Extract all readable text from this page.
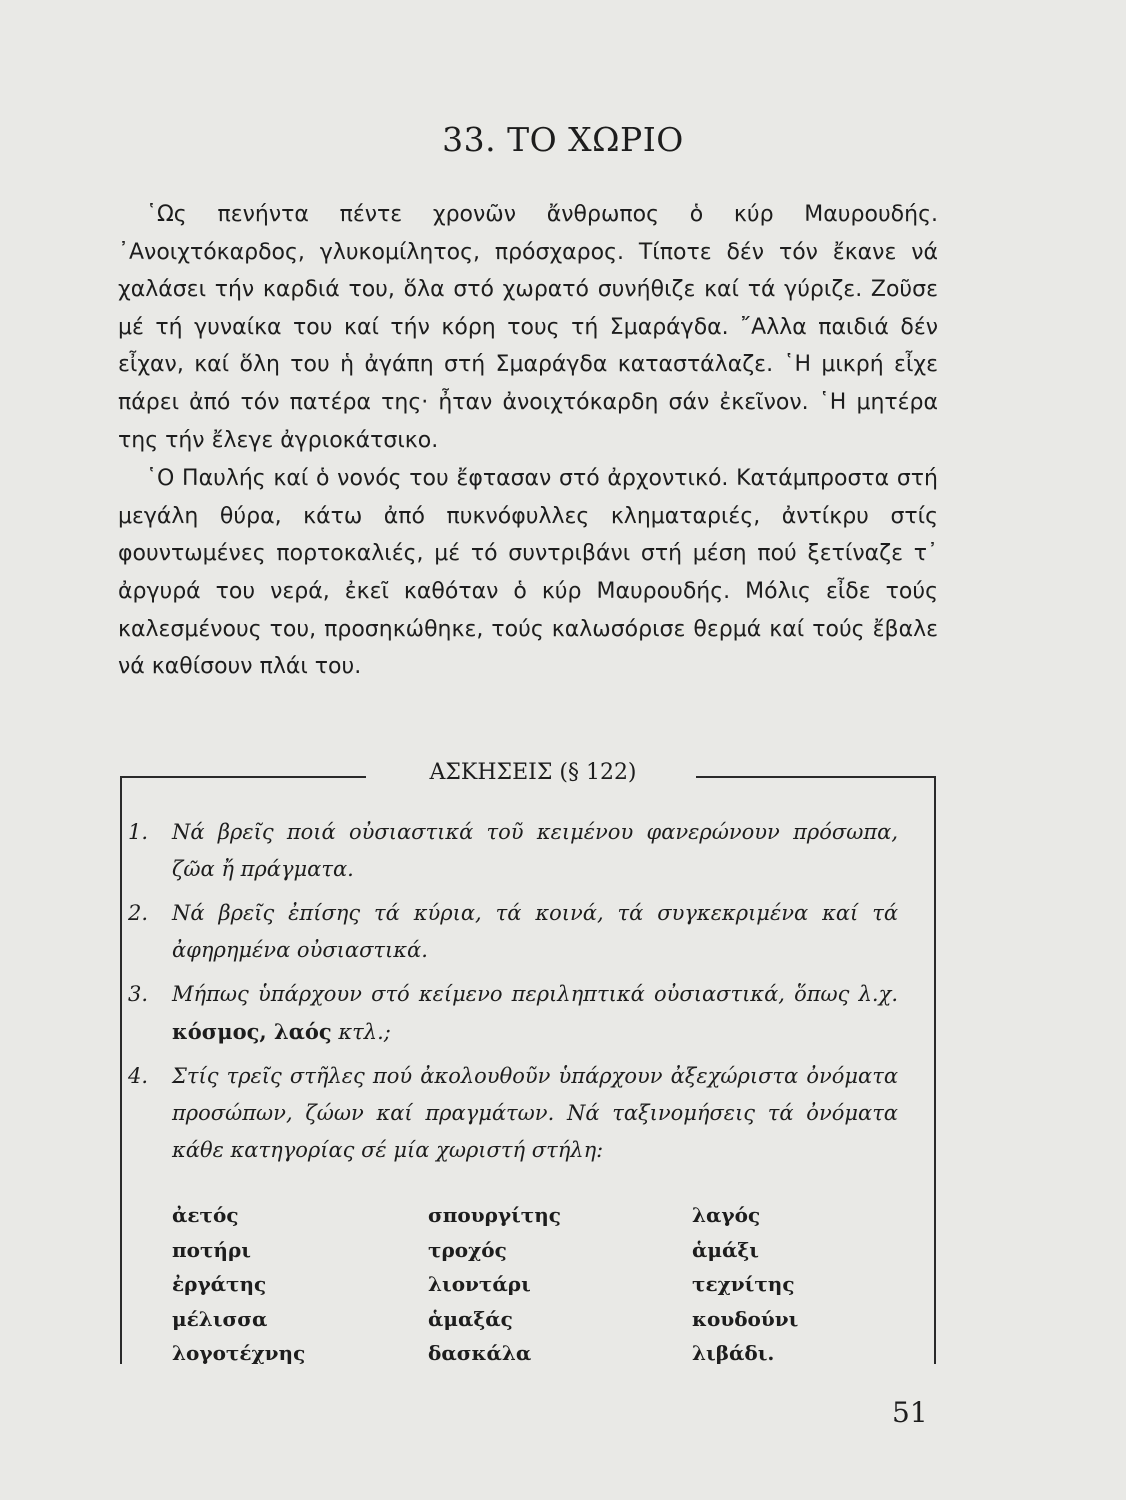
33. ΤΟ ΧΩΡΙΟ

῾Ως πενήντα πέντε χρονῶν ἄνθρωπος ὁ κύρ Μαυρουδής. ᾿Ανοιχτόκαρδος, γλυκομίλητος, πρόσχαρος. Τίποτε δέν τόν ἔκανε νά χαλάσει τήν καρδιά του, ὅλα στό χωρατό συνήθιζε καί τά γύριζε. Ζοῦσε μέ τή γυναίκα του καί τήν κόρη τους τή Σμαράγδα. ῎Αλλα παιδιά δέν εἶχαν, καί ὅλη του ἡ ἀγάπη στή Σμαράγδα καταστάλαζε. ῾Η μικρή εἶχε πάρει ἀπό τόν πατέρα της· ἦταν ἀνοιχτόκαρδη σάν ἐκεῖνον. ῾Η μητέρα της τήν ἔλεγε ἀγριοκάτσικο.

῾Ο Παυλής καί ὁ νονός του ἔφτασαν στό ἀρχοντικό. Κατάμπροστα στή μεγάλη θύρα, κάτω ἀπό πυκνόφυλλες κληματαριές, ἀντίκρυ στίς φουντωμένες πορτοκαλιές, μέ τό συντριβάνι στή μέση πού ξετίναζε τ᾿ ἀργυρά του νερά, ἐκεῖ καθόταν ὁ κύρ Μαυρουδής. Μόλις εἶδε τούς καλεσμένους του, προσηκώθηκε, τούς καλωσόρισε θερμά καί τούς ἔβαλε νά καθίσουν πλάι του.

ΑΣΚΗΣΕΙΣ (§ 122)
1. Νά βρεῖς ποιά οὐσιαστικά τοῦ κειμένου φανερώνουν πρόσωπα, ζῶα ἤ πράγματα.
2. Νά βρεῖς ἐπίσης τά κύρια, τά κοινά, τά συγκεκριμένα καί τά ἀφηρημένα οὐσιαστικά.
3. Μήπως ὑπάρχουν στό κείμενο περιληπτικά οὐσιαστικά, ὅπως λ.χ. κόσμος, λαός κτλ.;
4. Στίς τρεῖς στῆλες πού ἀκολουθοῦν ὑπάρχουν ἀξεχώριστα ὀνόματα προσώπων, ζώων καί πραγμάτων. Νά ταξινομήσεις τά ὀνόματα κάθε κατηγορίας σέ μία χωριστή στήλη:
ἀετός	σπουργίτης	λαγός
ποτήρι	τροχός	ἁμάξι
ἐργάτης	λιοντάρι	τεχνίτης
μέλισσα	ἁμαξάς	κουδούνι
λογοτέχνης	δασκάλα	λιβάδι.
51
